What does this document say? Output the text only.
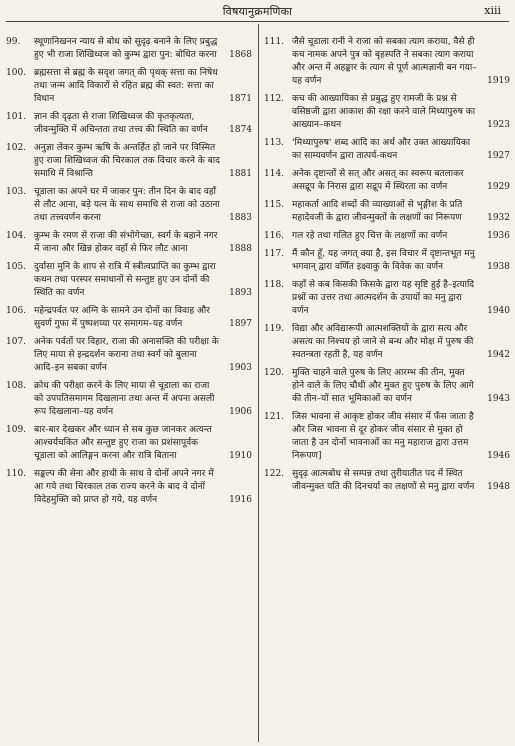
विषयानुक्रमणिका	xiii
99.	स्थूणानिखनन न्याय से बोध को सुदृढ़ बनाने के लिए प्रबुद्ध हुए भी राजा शिखिध्वज को कुम्भ द्वारा पुन: बोधित करना	1868
100. ब्रह्मसत्ता से ब्रह्म के सदृश जगत् की पृथक् सत्ता का निषेध तथा जन्म आदि विकारों से रहित ब्रह्म की स्वत: सत्ता का विधान	1871
101. ज्ञान की दृढ़ता से राजा शिखिध्वज की कृतकृत्यता, जीवन्मुक्ति में अचिन्तता तथा तत्त्व की स्थिति का वर्णन	1874
102. अनुज्ञा लेकर कुम्भ ऋषि के अन्तर्हित हो जाने पर विस्मित हुए राजा शिखिध्वज की चिरकाल तक विचार करने के बाद समाधि में विश्रान्ति	1881
103. चूडाला का अपने घर में जाकर पुन: तीन दिन के बाद वहाँ से लौट आना, बड़े यत्न के साथ समाधि से राजा को उठाना तथा तत्त्ववर्णन करना	1883
104. कुम्भ के रमण से राजा की संभोगेच्छा, स्वर्ग के बहाने नगर में जाना और खिन्न होकर वहाँ से फिर लौट आना	1888
105. दुर्वासा मुनि के शाप से रात्रि में स्त्रीत्वप्राप्ति का कुम्भ द्वारा कथन तथा परस्पर समाधानों से सन्तुष्ट हुए उन दोनों की स्थिति का वर्णन	1893
106. महेन्द्रपर्वत पर अग्नि के सामने उन दोनों का विवाह और सुवर्ण गुफा में पुष्पशय्या पर समागम–यह वर्णन	1897
107. अनेक पर्वतों पर विहार, राजा की अनासक्ति की परीक्षा के लिए माया से इन्द्रदर्शन कराना तथा स्वर्ग को बुलाना आदि–इन सबका वर्णन	1903
108. क्रोध की परीक्षा करने के लिए माया से चूडाला का राजा को उपपतिसमागम दिखलाना तथा अन्त में अपना असली रूप दिखलाना–यह वर्णन	1906
109. बार-बार देखकर और ध्यान से सब कुछ जानकर अत्यन्त आश्चर्यचकित और सन्तुष्ट हुए राजा का प्रशंसापूर्वक चूडाला को आलिङ्गन करना और रात्रि बिताना	1910
110. सङ्कल्प की सेना और हाथी के साथ वे दोनों अपने नगर में आ गये तथा चिरकाल तक राज्य करने के बाद वे दोनों विदेहमुक्ति को प्राप्त हो गये, यह वर्णन	1916
111. जैसे चूडाला रानी ने राजा को सबका त्याग कराया, वैसे ही कच नामक अपने पुत्र को बृहस्पति ने सबका त्याग कराया और अन्त में अहङ्कार के त्याग से पूर्ण आत्मज्ञानी बन गया–यह वर्णन	1919
112. कच की आख्यायिका से प्रबुद्ध हुए रामजी के प्रश्न से वसिष्ठजी द्वारा आकाश की रक्षा करने वाले मिथ्यापुरुष का आख्यान–कथन	1923
113. 'मिथ्यापुरुष' शब्द आदि का अर्थ और उक्त आख्यायिका का साम्यवर्णन द्वारा तात्पर्य-कथन	1927
114. अनेक दृष्टान्तों से सत् और असत् का स्वरूप बतलाकर असद्रूप के निरास द्वारा सद्रूप में स्थिरता का वर्णन	1929
115. महाकर्ता आदि शब्दों की व्याख्याओं से भृङ्गीश के प्रति महादेवजी के द्वारा जीवन्मुक्तों के लक्षणों का निरूपण	1932
116. गल रहे तथा गलित हुए चित्त के लक्षणों का वर्णन	1936
117. मैं कौन हूँ, यह जगत् क्या है, इस विचार में दृष्टान्तभूत मनु भगवान् द्वारा वर्णित इक्ष्वाकु के विवेक का वर्णन	1938
118. कहाँ से कब किसकी किसके द्वारा यह सृष्टि हुई है–इत्यादि प्रश्नों का उत्तर तथा आत्मदर्शन के उपायों का मनु द्वारा वर्णन	1940
119. विद्या और अविद्यारूपी आत्मशक्तियों के द्वारा सत्य और असत्य का निश्चय हो जाने से बन्ध और मोक्ष में पुरुष की स्वतन्त्रता रहती है, यह वर्णन	1942
120. मुक्ति चाहने वाले पुरुष के लिए आरम्भ की तीन, मुक्त होने वाले के लिए चौथी और मुक्त हुए पुरुष के लिए आगे की तीन–यों सात भूमिकाओं का वर्णन	1943
121. जिस भावना से आकृष्ट होकर जीव संसार में फँस जाता है और जिस भावना से दूर होकर जीव संसार से मुक्त हो जाता है उन दोनों भावनाओं का मनु महाराज द्वारा उत्तम निरूपण]	1946
122. सुदृढ़ आत्मबोध से सम्पन्न तथा तुरीयातीत पद में स्थित जीवन्मुक्त यति की दिनचर्या का लक्षणों से मनु द्वारा वर्णन	1948
